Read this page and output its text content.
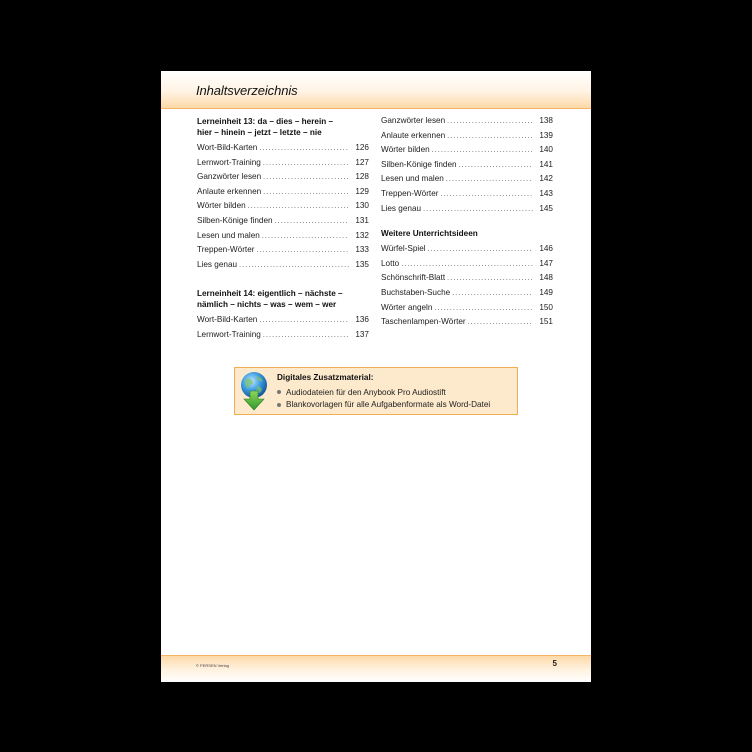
Inhaltsverzeichnis
Lerneinheit 13: da – dies – herein –
hier – hinein – jetzt – letzte – nie
Wort-Bild-Karten . . .	126
Lernwort-Training . . .	127
Ganzwörter lesen . . .	128
Anlaute erkennen . . .	129
Wörter bilden . . .	130
Silben-Könige finden . . .	131
Lesen und malen . . .	132
Treppen-Wörter . . .	133
Lies genau . . .	135
Lerneinheit 14: eigentlich – nächste –
nämlich – nichts – was – wem – wer
Wort-Bild-Karten . . .	136
Lernwort-Training . . .	137
Ganzwörter lesen . . .	138
Anlaute erkennen . . .	139
Wörter bilden . . .	140
Silben-Könige finden . . .	141
Lesen und malen . . .	142
Treppen-Wörter . . .	143
Lies genau . . .	145
Weitere Unterrichtsideen
Würfel-Spiel . . .	146
Lotto . . .	147
Schönschrift-Blatt . . .	148
Buchstaben-Suche . . .	149
Wörter angeln . . .	150
Taschenlampen-Wörter . . .	151
Digitales Zusatzmaterial:
Audiodateien für den Anybook Pro Audiostift
Blankovorlagen für alle Aufgabenformate als Word-Datei
© PERSEN Verlag	5
